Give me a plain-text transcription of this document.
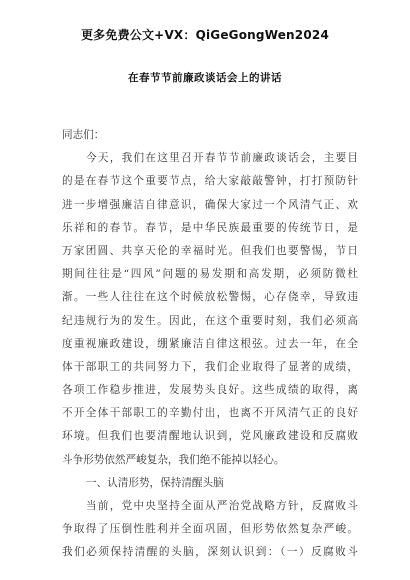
更多免费公文+VX：QiGeGongWen2024
在春节节前廉政谈话会上的讲话
同志们：
今天，我们在这里召开春节节前廉政谈话会，主要目
的是在春节这个重要节点，给大家敲敲警钟，打打预防针
进一步增强廉洁自律意识，确保大家过一个风清气正、欢
乐祥和的春节。春节，是中华民族最重要的传统节日，是
万家团圆、共享天伦的幸福时光。但我们也要警惕，节日
期间往往是“四风”问题的易发期和高发期，必须防微杜
渐。一些人往往在这个时候放松警惕，心存侥幸，导致违
纪违规行为的发生。因此，在这个重要时刻，我们必须高
度重视廉政建设，绷紧廉洁自律这根弦。过去一年，在全
体干部职工的共同努力下，我们企业取得了显著的成绩，
各项工作稳步推进，发展势头良好。这些成绩的取得，离
不开全体干部职工的辛勤付出，也离不开风清气正的良好
环境。但我们也要清醒地认识到，党风廉政建设和反腐败
斗争形势依然严峻复杂，我们绝不能掉以轻心。
一、认清形势，保持清醒头脑
当前，党中央坚持全面从严治党战略方针，反腐败斗
争取得了压倒性胜利并全面巩固，但形势依然复杂严峻。
我们必须保持清醒的头脑，深刻认识到：（一）反腐败斗
